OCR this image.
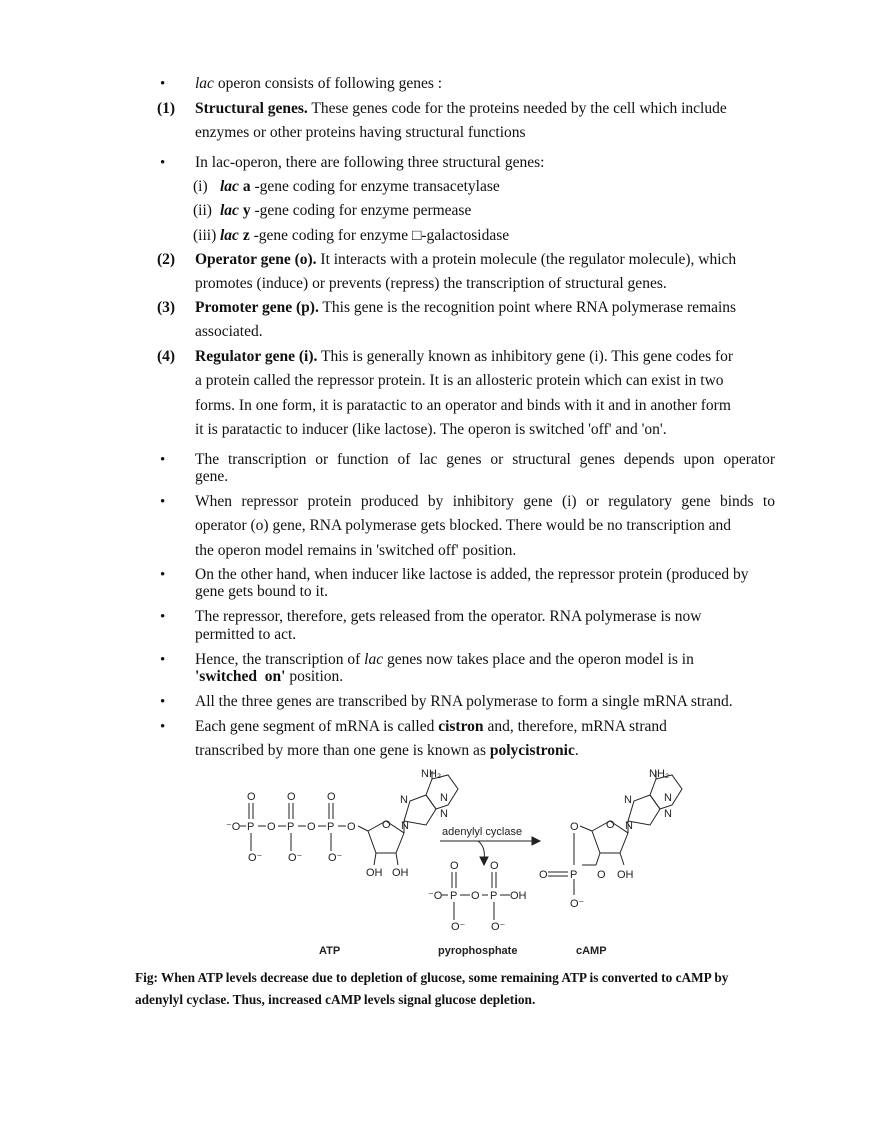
• lac operon consists of following genes :
(1) Structural genes. These genes code for the proteins needed by the cell which include
enzymes or other proteins having structural functions
• In lac-operon, there are following three structural genes:
(i) lac a -gene coding for enzyme transacetylase
(ii) lac y -gene coding for enzyme permease
(iii) lac z -gene coding for enzyme □-galactosidase
(2) Operator gene (o). It interacts with a protein molecule (the regulator molecule), which
promotes (induce) or prevents (repress) the transcription of structural genes.
(3) Promoter gene (p). This gene is the recognition point where RNA polymerase remains
associated.
(4) Regulator gene (i). This is generally known as inhibitory gene (i). This gene codes for
a protein called the repressor protein. It is an allosteric protein which can exist in two
forms. In one form, it is paratactic to an operator and binds with it and in another form
it is paratactic to inducer (like lactose). The operon is switched 'off' and 'on'.
• The transcription or function of lac genes or structural genes depends upon operator
gene.
• When repressor protein produced by inhibitory gene (i) or regulatory gene binds to
operator (o) gene, RNA polymerase gets blocked. There would be no transcription and
the operon model remains in 'switched off' position.
• On the other hand, when inducer like lactose is added, the repressor protein (produced by
gene gets bound to it.
• The repressor, therefore, gets released from the operator. RNA polymerase is now
permitted to act.
• Hence, the transcription of lac genes now takes place and the operon model is in
'switched  on' position.
• All the three genes are transcribed by RNA polymerase to form a single mRNA strand.
• Each gene segment of mRNA is called cistron and, therefore, mRNA strand
transcribed by more than one gene is known as polycistronic.
⁻O P	P	P
O	O	O
O	O	O
O⁻ O⁻ O⁻
O
OH OH
N
N
N
N
NH₂
adenylyl cyclase
⁻O P	P
O	OH
O	O
O⁻ O⁻
O O
O P O OH
O⁻
N
N
N
N
NH₂
ATP	pyrophosphate	cAMP
Fig: When ATP levels decrease due to depletion of glucose, some remaining ATP is converted to cAMP by
adenylyl cyclase. Thus, increased cAMP levels signal glucose depletion.
